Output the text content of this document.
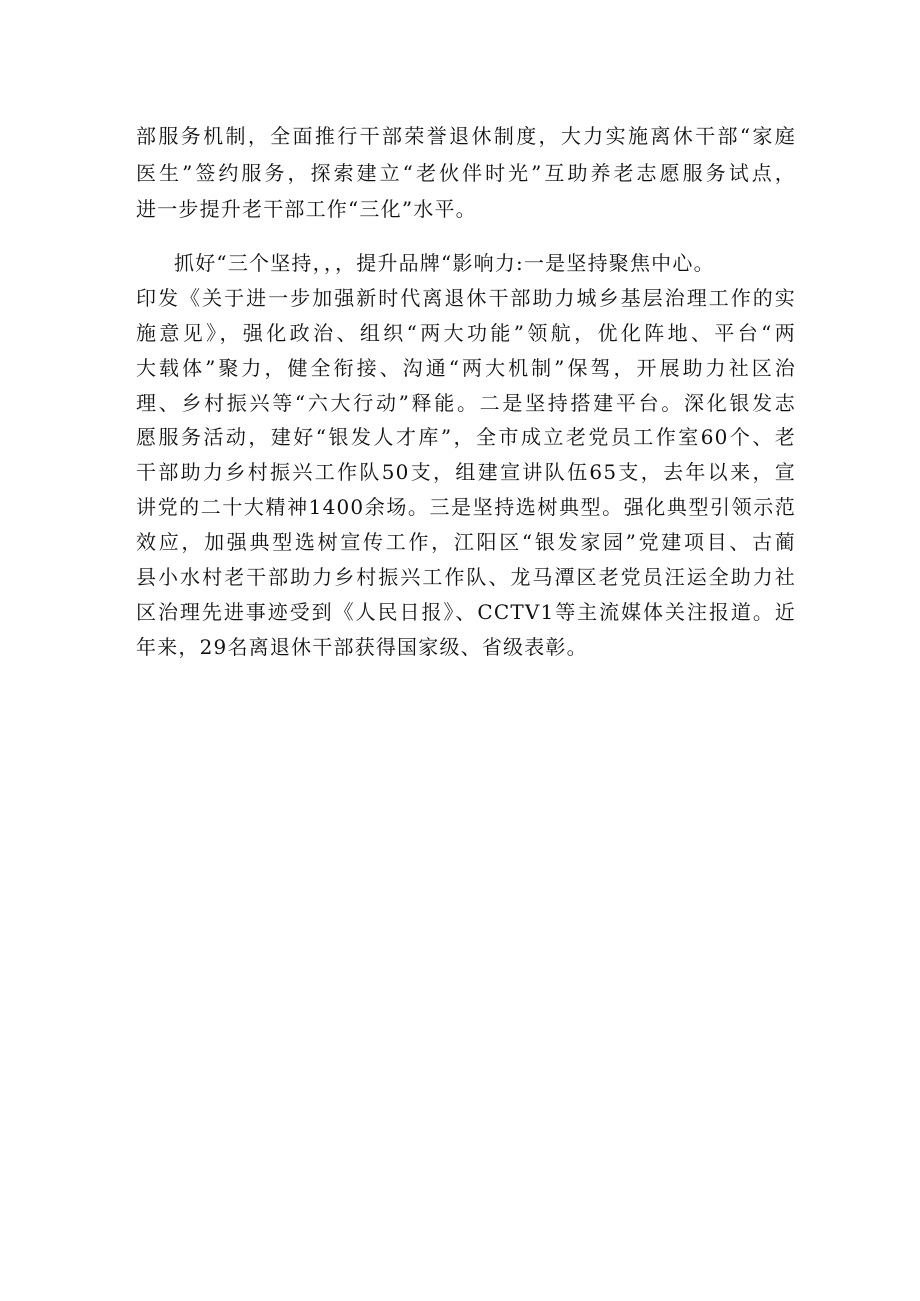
部服务机制，全面推行干部荣誉退休制度，大力实施离休干部“家庭
医生”签约服务，探索建立“老伙伴时光”互助养老志愿服务试点，
进一步提升老干部工作“三化”水平。
抓好“三个坚持，，，提升品牌“影响力:一是坚持聚焦中心。
印发《关于进一步加强新时代离退休干部助力城乡基层治理工作的实
施意见》，强化政治、组织“两大功能”领航，优化阵地、平台“两
大载体”聚力，健全衔接、沟通“两大机制”保驾，开展助力社区治
理、乡村振兴等“六大行动”释能。二是坚持搭建平台。深化银发志
愿服务活动，建好“银发人才库”，全市成立老党员工作室60个、老
干部助力乡村振兴工作队50支，组建宣讲队伍65支，去年以来，宣
讲党的二十大精神1400余场。三是坚持选树典型。强化典型引领示范
效应，加强典型选树宣传工作，江阳区“银发家园”党建项目、古蔺
县小水村老干部助力乡村振兴工作队、龙马潭区老党员汪运全助力社
区治理先进事迹受到《人民日报》、CCTV1等主流媒体关注报道。近
年来，29名离退休干部获得国家级、省级表彰。
